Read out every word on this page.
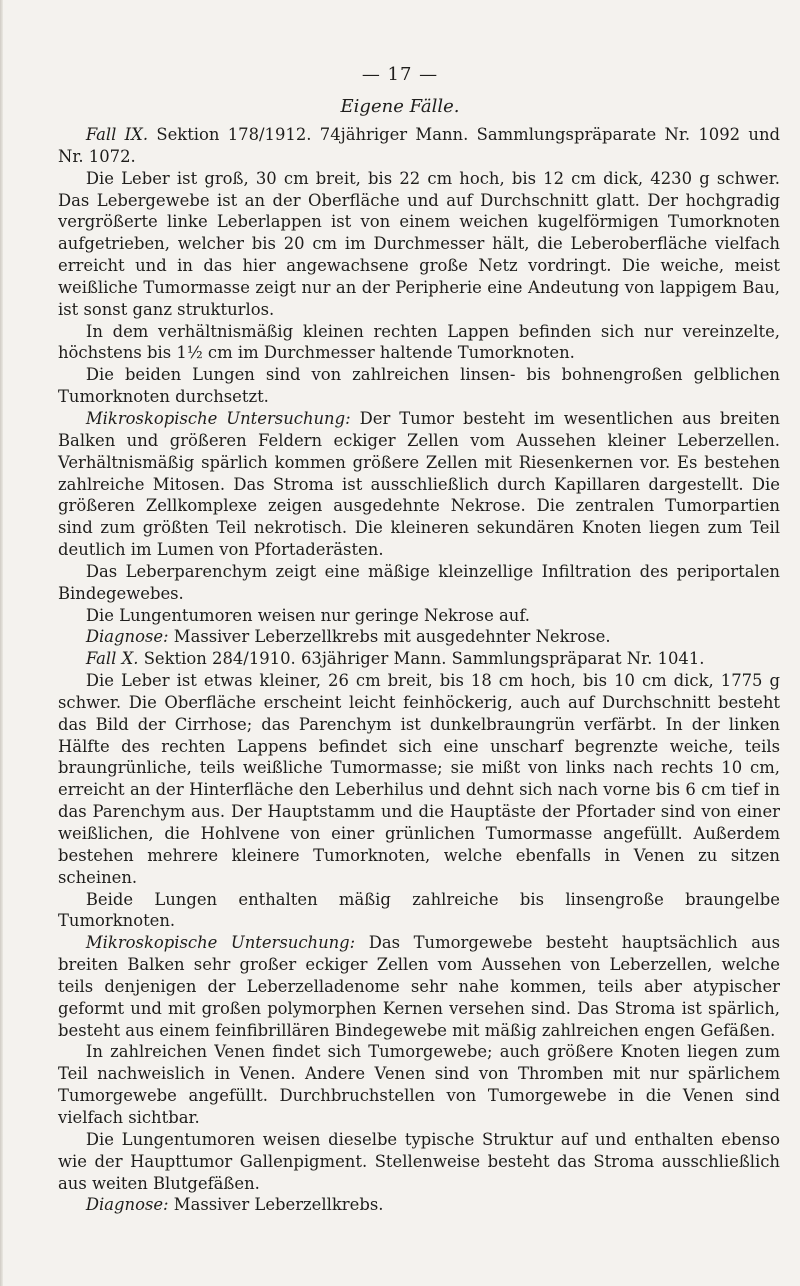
— 17 —
Eigene Fälle.

Fall IX. Sektion 178/1912. 74jähriger Mann. Sammlungspräparate Nr. 1092 und Nr. 1072.

Die Leber ist groß, 30 cm breit, bis 22 cm hoch, bis 12 cm dick, 4230 g schwer. Das Lebergewebe ist an der Oberfläche und auf Durchschnitt glatt. Der hochgradig vergrößerte linke Leberlappen ist von einem weichen kugelförmigen Tumorknoten aufgetrieben, welcher bis 20 cm im Durchmesser hält, die Leberoberfläche vielfach erreicht und in das hier angewachsene große Netz vordringt. Die weiche, meist weißliche Tumormasse zeigt nur an der Peripherie eine Andeutung von lappigem Bau, ist sonst ganz strukturlos.

In dem verhältnismäßig kleinen rechten Lappen befinden sich nur vereinzelte, höchstens bis 1½ cm im Durchmesser haltende Tumorknoten.

Die beiden Lungen sind von zahlreichen linsen- bis bohnengroßen gelblichen Tumorknoten durchsetzt.

Mikroskopische Untersuchung: Der Tumor besteht im wesentlichen aus breiten Balken und größeren Feldern eckiger Zellen vom Aussehen kleiner Leberzellen. Verhältnismäßig spärlich kommen größere Zellen mit Riesenkernen vor. Es bestehen zahlreiche Mitosen. Das Stroma ist ausschließlich durch Kapillaren dargestellt. Die größeren Zellkomplexe zeigen ausgedehnte Nekrose. Die zentralen Tumorpartien sind zum größten Teil nekrotisch. Die kleineren sekundären Knoten liegen zum Teil deutlich im Lumen von Pfortaderästen.

Das Leberparenchym zeigt eine mäßige kleinzellige Infiltration des periportalen Bindegewebes.

Die Lungentumoren weisen nur geringe Nekrose auf.

Diagnose: Massiver Leberzellkrebs mit ausgedehnter Nekrose.

Fall X. Sektion 284/1910. 63jähriger Mann. Sammlungspräparat Nr. 1041.

Die Leber ist etwas kleiner, 26 cm breit, bis 18 cm hoch, bis 10 cm dick, 1775 g schwer. Die Oberfläche erscheint leicht feinhöckerig, auch auf Durchschnitt besteht das Bild der Cirrhose; das Parenchym ist dunkelbraungrün verfärbt. In der linken Hälfte des rechten Lappens befindet sich eine unscharf begrenzte weiche, teils braungrünliche, teils weißliche Tumormasse; sie mißt von links nach rechts 10 cm, erreicht an der Hinterfläche den Leberhilus und dehnt sich nach vorne bis 6 cm tief in das Parenchym aus. Der Hauptstamm und die Hauptäste der Pfortader sind von einer weißlichen, die Hohlvene von einer grünlichen Tumormasse angefüllt. Außerdem bestehen mehrere kleinere Tumorknoten, welche ebenfalls in Venen zu sitzen scheinen.

Beide Lungen enthalten mäßig zahlreiche bis linsengroße braungelbe Tumorknoten.

Mikroskopische Untersuchung: Das Tumorgewebe besteht hauptsächlich aus breiten Balken sehr großer eckiger Zellen vom Aussehen von Leberzellen, welche teils denjenigen der Leberzelladenome sehr nahe kommen, teils aber atypischer geformt und mit großen polymorphen Kernen versehen sind. Das Stroma ist spärlich, besteht aus einem feinfibrillären Bindegewebe mit mäßig zahlreichen engen Gefäßen.

In zahlreichen Venen findet sich Tumorgewebe; auch größere Knoten liegen zum Teil nachweislich in Venen. Andere Venen sind von Thromben mit nur spärlichem Tumorgewebe angefüllt. Durchbruchstellen von Tumorgewebe in die Venen sind vielfach sichtbar.

Die Lungentumoren weisen dieselbe typische Struktur auf und enthalten ebenso wie der Haupttumor Gallenpigment. Stellenweise besteht das Stroma ausschließlich aus weiten Blutgefäßen.

Diagnose: Massiver Leberzellkrebs.
